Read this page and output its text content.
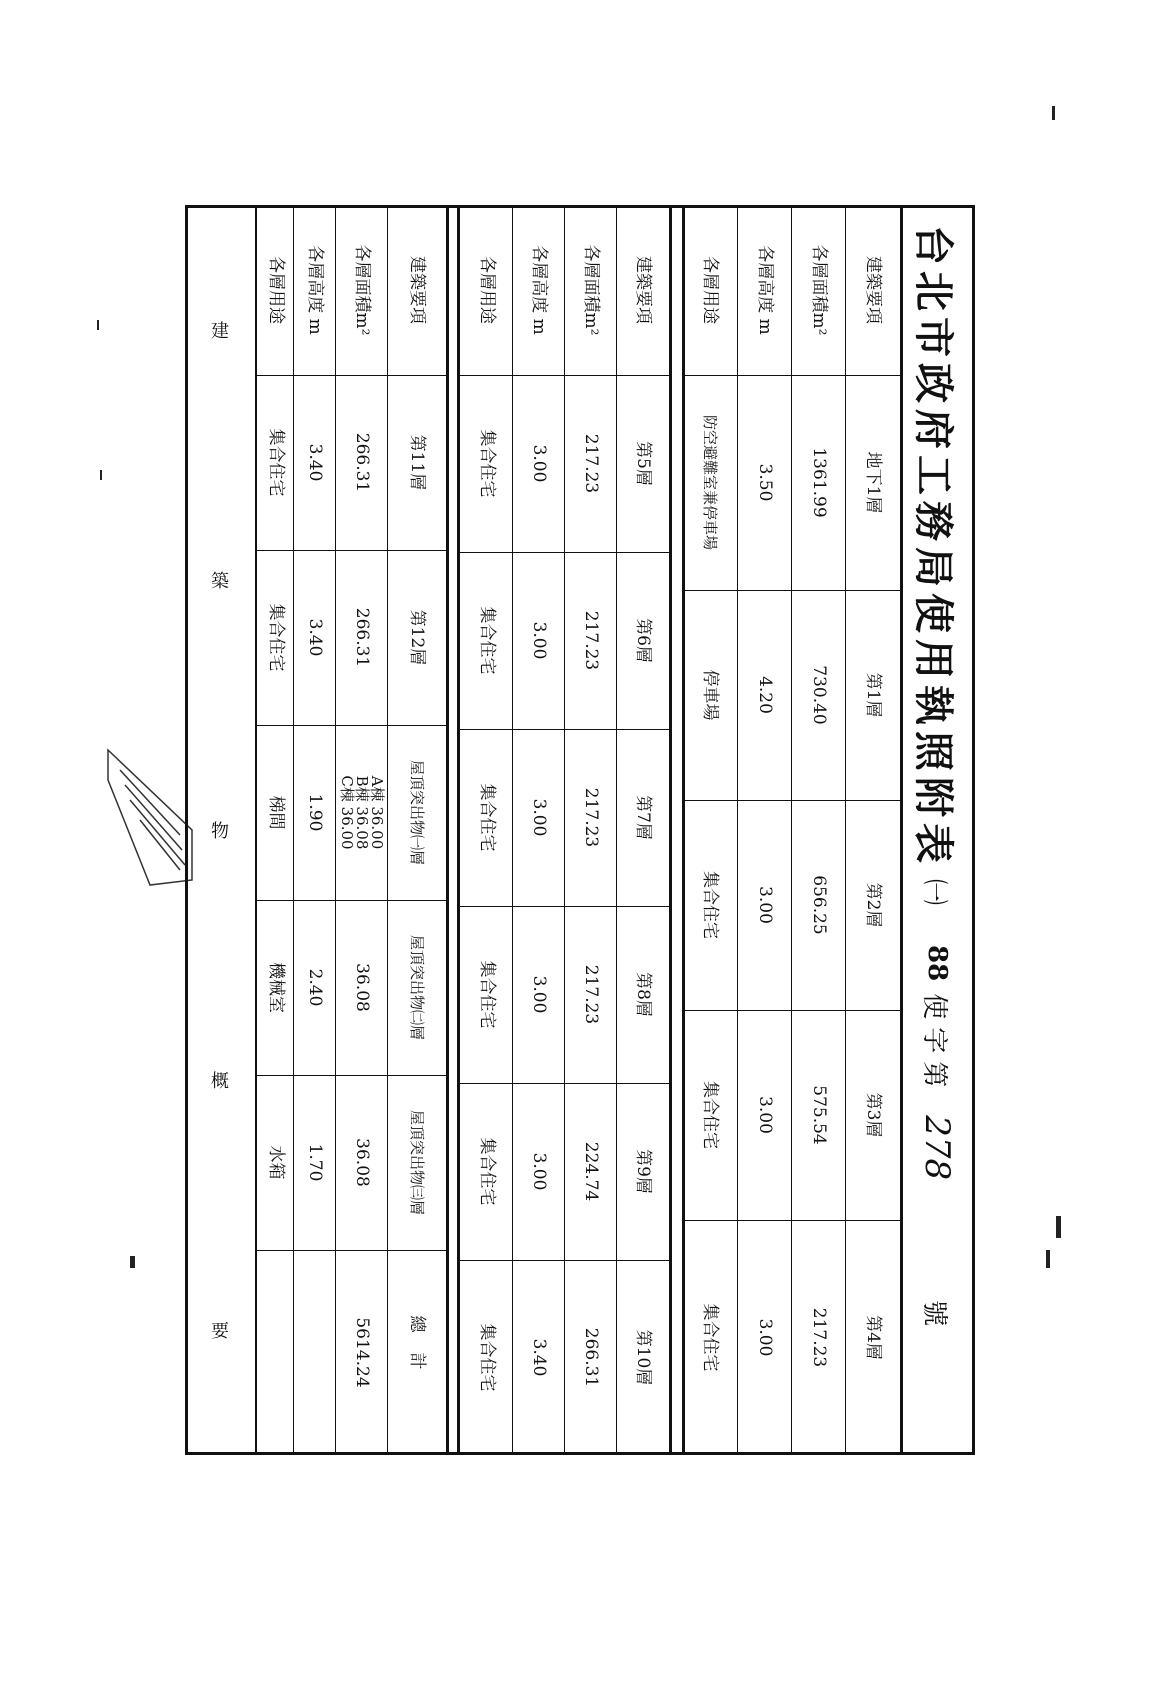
台北市政府工務局使用執照附表
㈠
88
使字第
278
號
建
築
物
概
要
建築要項
各層面積m²
各層高度 m
各層用途
地下1層
1361.99
3.50
防空避難室兼停車場
第1層
730.40
4.20
停車場
第2層
656.25
3.00
集合住宅
第3層
575.54
3.00
集合住宅
第4層
217.23
3.00
集合住宅
建築要項
各層面積m²
各層高度 m
各層用途
第5層
217.23
3.00
集合住宅
第6層
217.23
3.00
集合住宅
第7層
217.23
3.00
集合住宅
第8層
217.23
3.00
集合住宅
第9層
224.74
3.00
集合住宅
第10層
266.31
3.40
集合住宅
建築要項
各層面積m²
各層高度 m
各層用途
第11層
266.31
3.40
集合住宅
第12層
266.31
3.40
集合住宅
屋頂突出物㈠層
A棟 36.00
B棟 36.08
C棟 36.00
1.90
梯間
屋頂突出物㈡層
36.08
2.40
機械室
屋頂突出物㈢層
36.08
1.70
水箱
總計
5614.24
